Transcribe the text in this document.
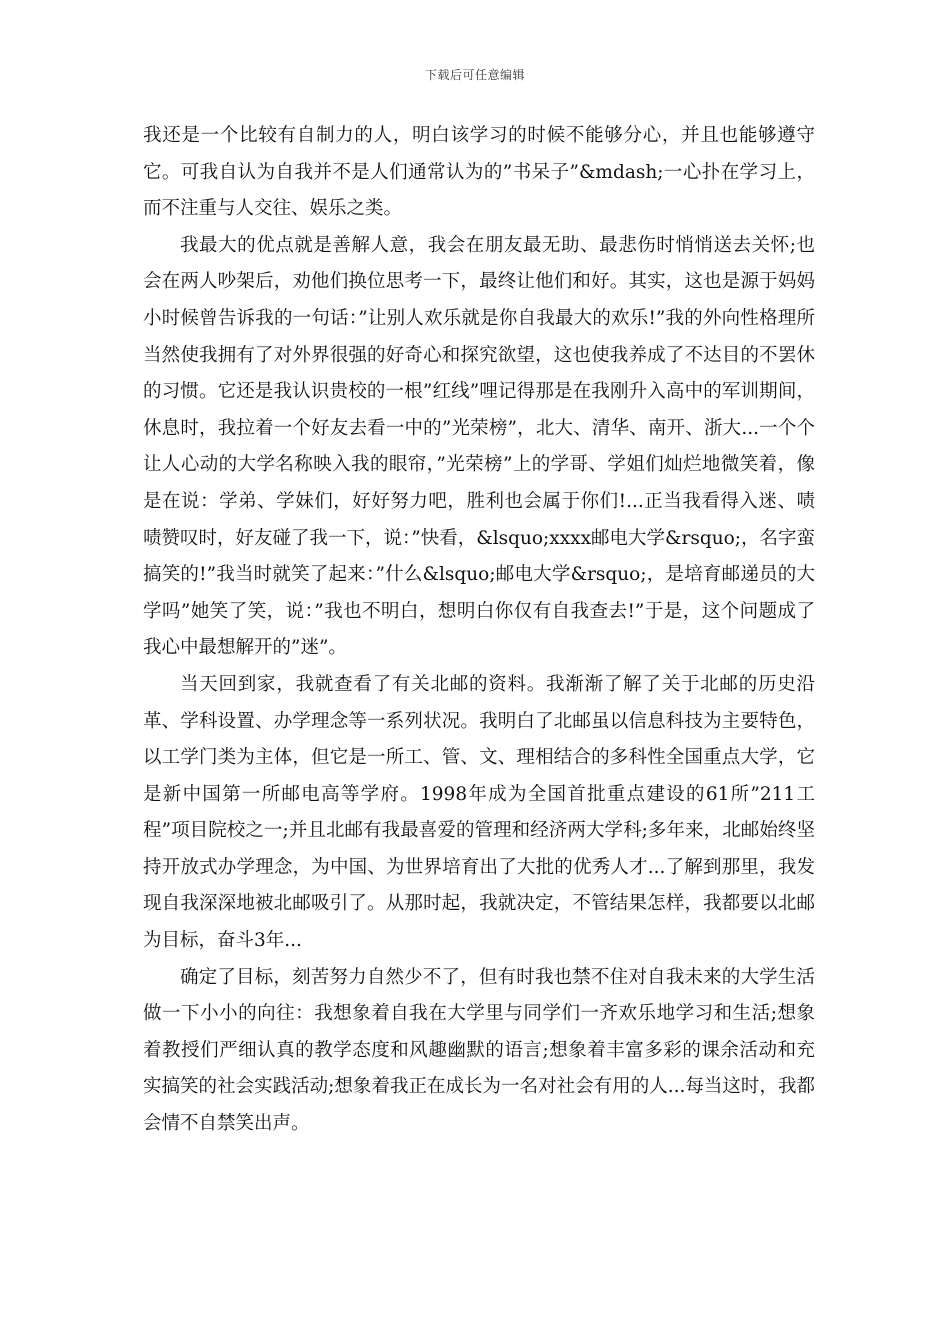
下载后可任意编辑

我还是一个比较有自制力的人，明白该学习的时候不能够分心，并且也能够遵守它。可我自认为自我并不是人们通常认为的”书呆子”&mdash;一心扑在学习上，而不注重与人交往、娱乐之类。

我最大的优点就是善解人意，我会在朋友最无助、最悲伤时悄悄送去关怀;也会在两人吵架后，劝他们换位思考一下，最终让他们和好。其实，这也是源于妈妈小时候曾告诉我的一句话：”让别人欢乐就是你自我最大的欢乐!”我的外向性格理所当然使我拥有了对外界很强的好奇心和探究欲望，这也使我养成了不达目的不罢休的习惯。它还是我认识贵校的一根”红线”哩记得那是在我刚升入高中的军训期间，休息时，我拉着一个好友去看一中的”光荣榜”，北大、清华、南开、浙大...一个个让人心动的大学名称映入我的眼帘，”光荣榜”上的学哥、学姐们灿烂地微笑着，像是在说：学弟、学妹们，好好努力吧，胜利也会属于你们!...正当我看得入迷、啧啧赞叹时，好友碰了我一下，说：”快看，&lsquo;xxxx邮电大学&rsquo;，名字蛮搞笑的!”我当时就笑了起来：”什么&lsquo;邮电大学&rsquo;，是培育邮递员的大学吗”她笑了笑，说：”我也不明白，想明白你仅有自我查去!”于是，这个问题成了我心中最想解开的”迷”。

当天回到家，我就查看了有关北邮的资料。我渐渐了解了关于北邮的历史沿革、学科设置、办学理念等一系列状况。我明白了北邮虽以信息科技为主要特色，以工学门类为主体，但它是一所工、管、文、理相结合的多科性全国重点大学，它是新中国第一所邮电高等学府。1998年成为全国首批重点建设的61所”211工程”项目院校之一;并且北邮有我最喜爱的管理和经济两大学科;多年来，北邮始终坚持开放式办学理念，为中国、为世界培育出了大批的优秀人才...了解到那里，我发现自我深深地被北邮吸引了。从那时起，我就决定，不管结果怎样，我都要以北邮为目标，奋斗3年...

确定了目标，刻苦努力自然少不了，但有时我也禁不住对自我未来的大学生活做一下小小的向往：我想象着自我在大学里与同学们一齐欢乐地学习和生活;想象着教授们严细认真的教学态度和风趣幽默的语言;想象着丰富多彩的课余活动和充实搞笑的社会实践活动;想象着我正在成长为一名对社会有用的人...每当这时，我都会情不自禁笑出声。
